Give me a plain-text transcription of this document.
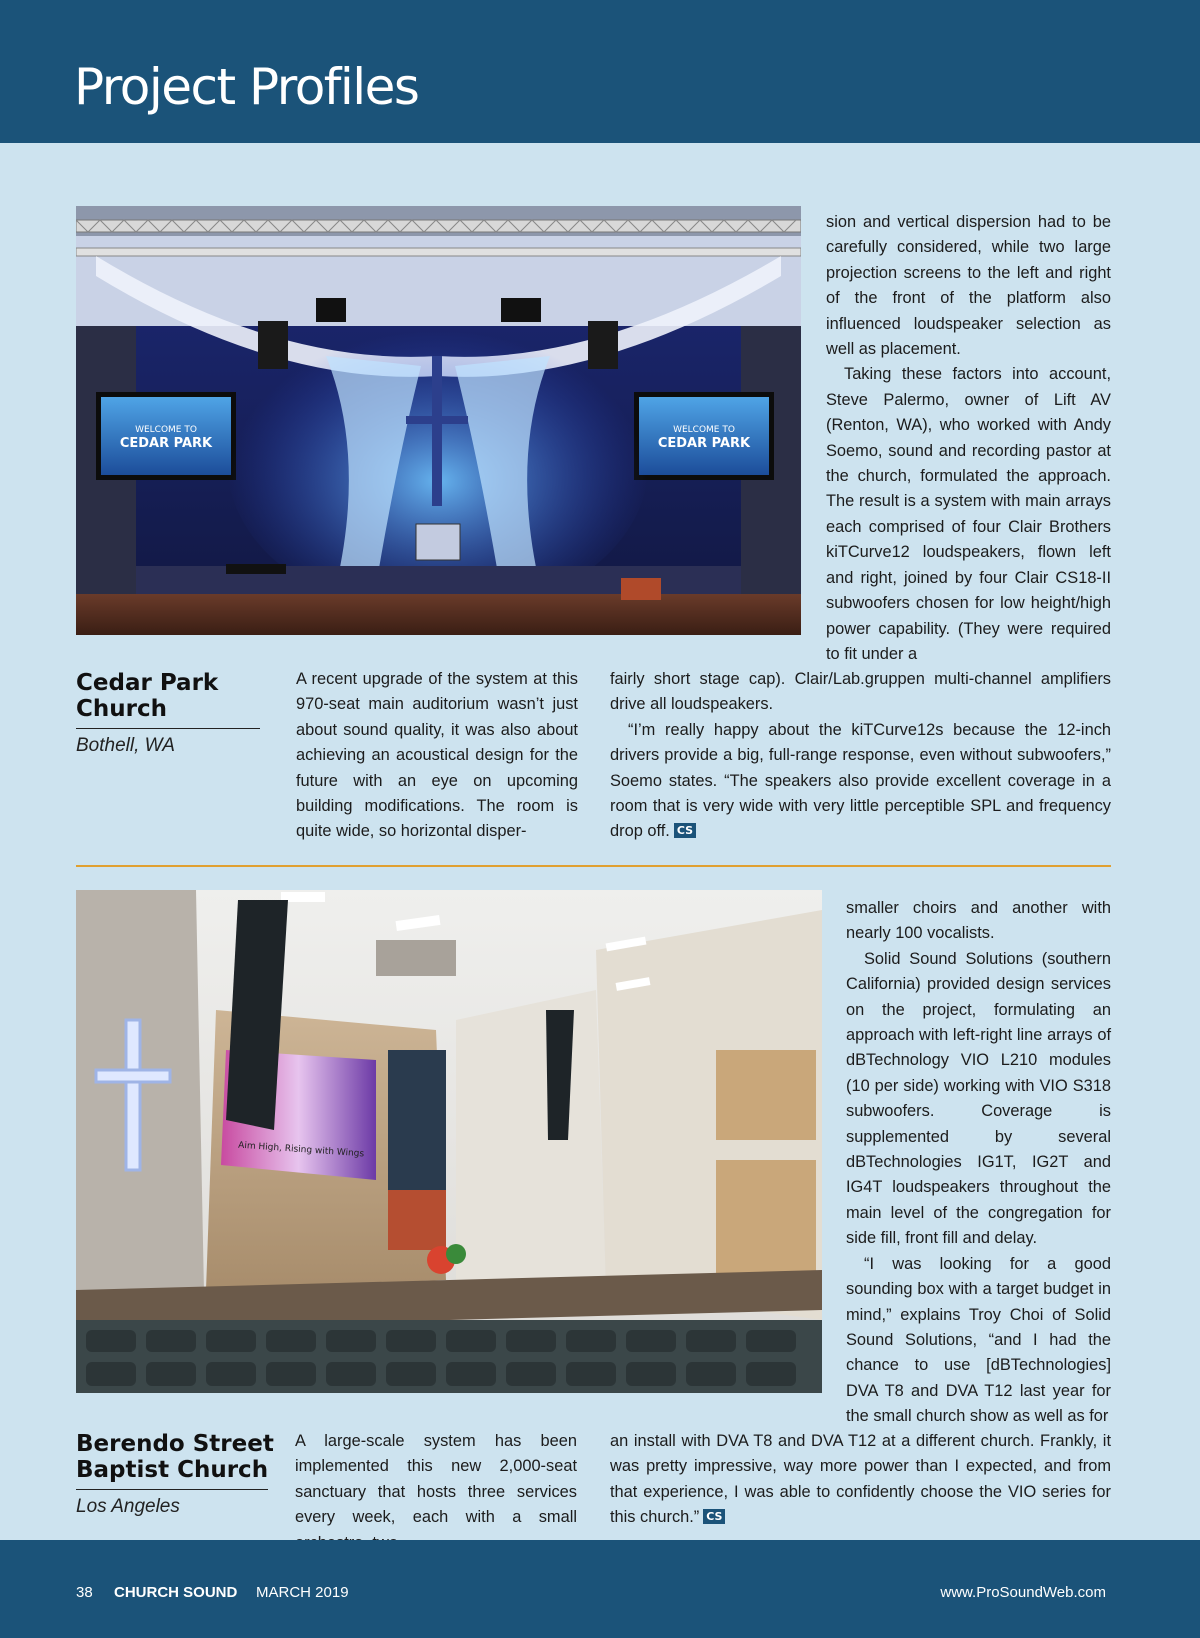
Project Profiles
WELCOME TO
CEDAR PARK
WELCOME TO
CEDAR PARK

sion and vertical dispersion had to be carefully considered, while two large projection screens to the left and right of the front of the platform also influenced loudspeaker selection as well as placement.

Taking these factors into account, Steve Palermo, owner of Lift AV (Renton, WA), who worked with Andy Soemo, sound and recording pastor at the church, formulated the approach. The result is a system with main arrays each comprised of four Clair Brothers kiTCurve12 loudspeakers, flown left and right, joined by four Clair CS18-II subwoofers chosen for low height/high power capability. (They were required to fit under a

Cedar Park
Church

Bothell, WA

A recent upgrade of the system at this 970-seat main auditorium wasn’t just about sound quality, it was also about achieving an acoustical design for the future with an eye on upcoming building modifications. The room is quite wide, so horizontal disper-

fairly short stage cap). Clair/Lab.gruppen multi-channel amplifiers drive all loudspeakers.

“I’m really happy about the kiTCurve12s because the 12-inch drivers provide a big, full-range response, even without subwoofers,” Soemo states. “The speakers also provide excellent coverage in a room that is very wide with very little perceptible SPL and frequency drop off. CS

Aim High, Rising with Wings

smaller choirs and another with nearly 100 vocalists.

Solid Sound Solutions (southern California) provided design services on the project, formulating an approach with left-right line arrays of dBTechnology VIO L210 modules (10 per side) working with VIO S318 subwoofers. Coverage is supplemented by several dBTechnologies IG1T, IG2T and IG4T loudspeakers throughout the main level of the congregation for side fill, front fill and delay.

“I was looking for a good sounding box with a target budget in mind,” explains Troy Choi of Solid Sound Solutions, “and I had the chance to use [dBTechnologies] DVA T8 and DVA T12 last year for the small church show as well as for

Berendo Street
Baptist Church

Los Angeles

A large-scale system has been implemented this new 2,000-seat sanctuary that hosts three services every week, each with a small

an install with DVA T8 and DVA T12 at a different church. Frankly, it was pretty impressive, way more power than I expected, and from that experience, I was able to confidently choose the VIO series for this church.” CS

38 CHURCH SOUND MARCH 2019	www.ProSoundWeb.com
